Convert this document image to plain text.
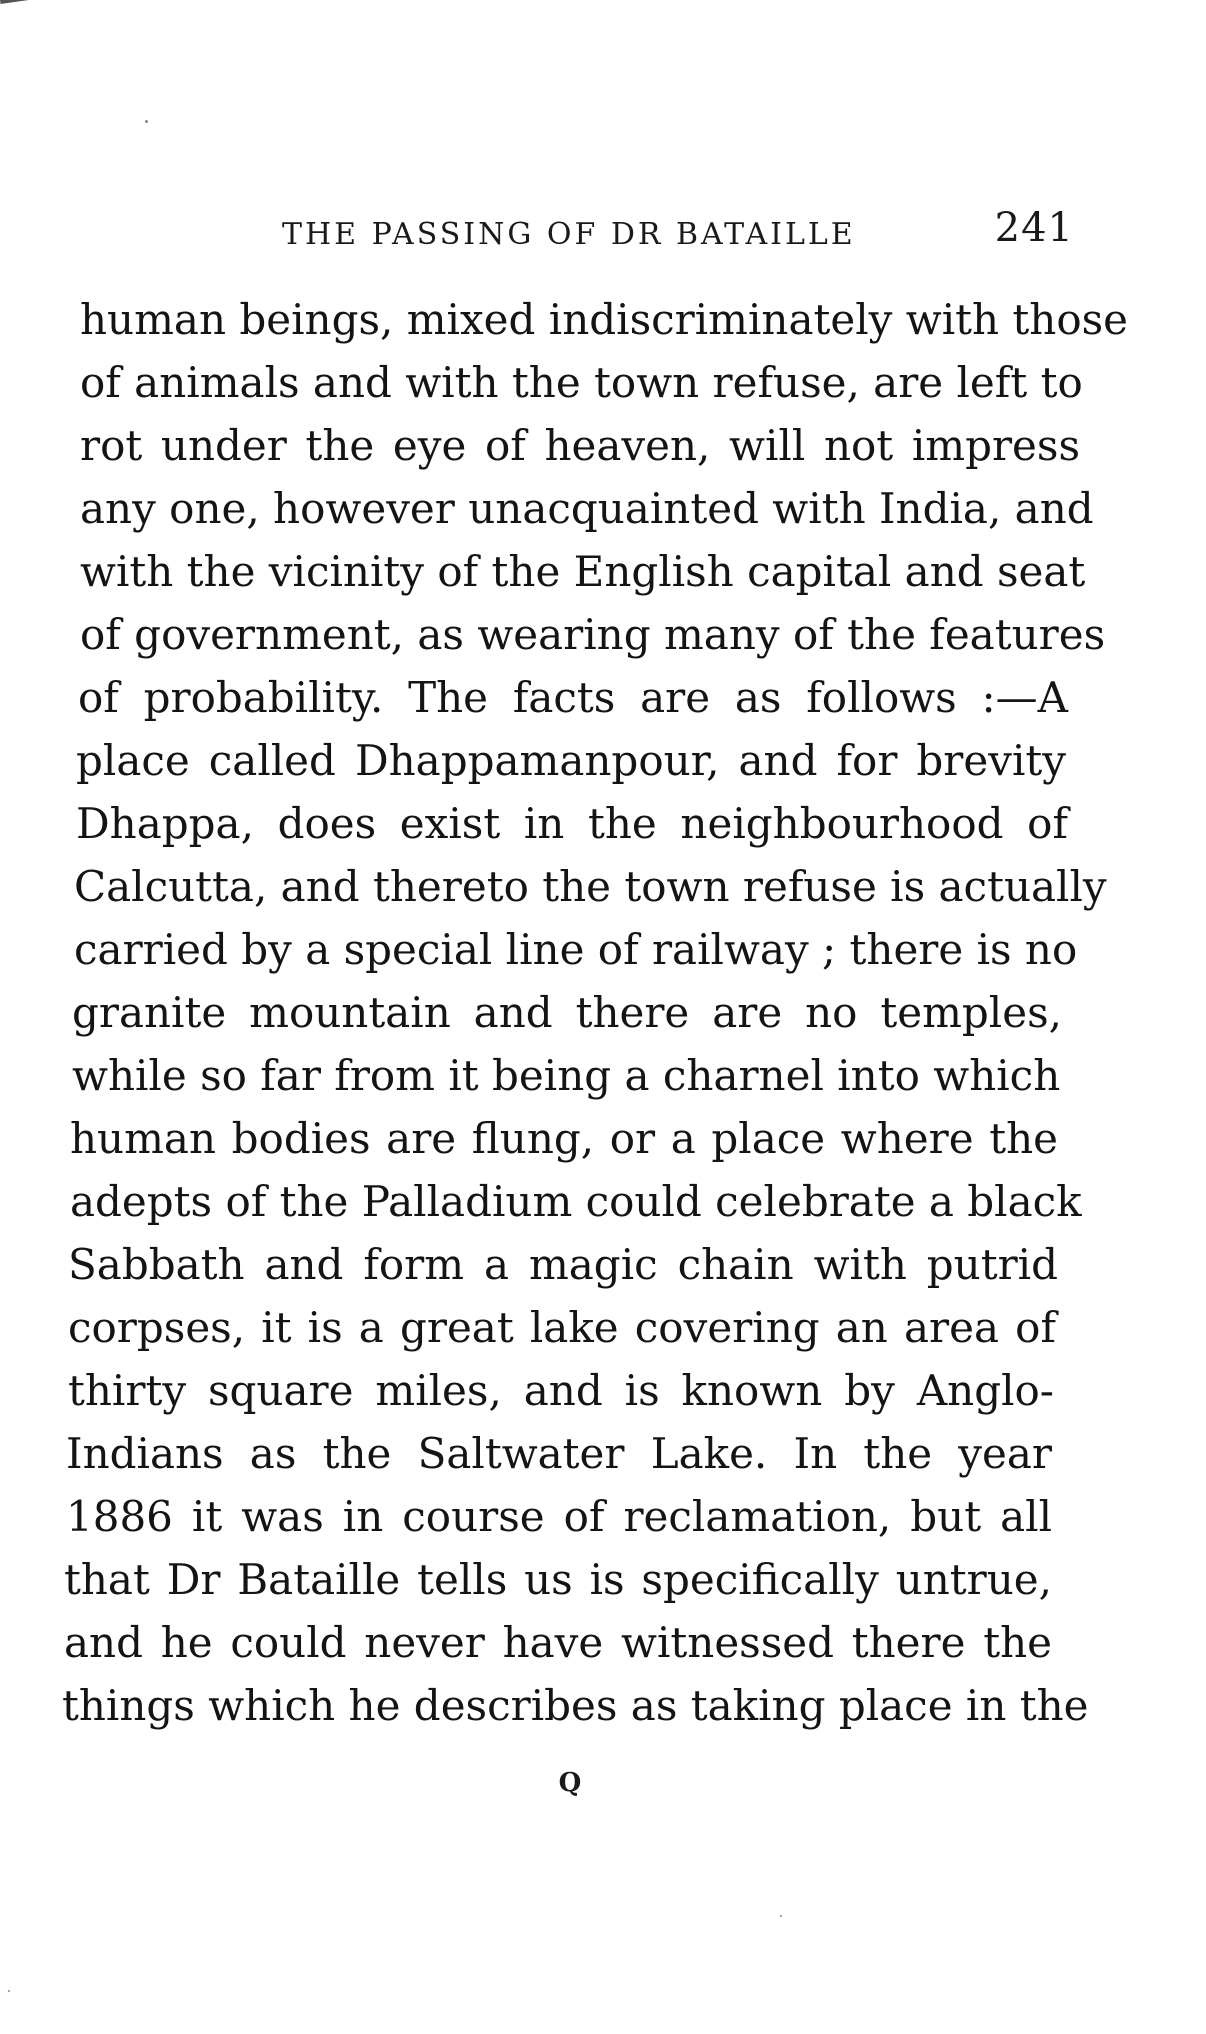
THE PASSING OF DR BATAILLE	241
human beings, mixed indiscriminately with those
of animals and with the town refuse, are left to
rot under the eye of heaven, will not impress
any one, however unacquainted with India, and
with the vicinity of the English capital and seat
of government, as wearing many of the features
of probability. The facts are as follows :—A
place called Dhappamanpour, and for brevity
Dhappa, does exist in the neighbourhood of
Calcutta, and thereto the town refuse is actually
carried by a special line of railway ; there is no
granite mountain and there are no temples,
while so far from it being a charnel into which
human bodies are flung, or a place where the
adepts of the Palladium could celebrate a black
Sabbath and form a magic chain with putrid
corpses, it is a great lake covering an area of
thirty square miles, and is known by Anglo-
Indians as the Saltwater Lake. In the year
1886 it was in course of reclamation, but all
that Dr Bataille tells us is specifically untrue,
and he could never have witnessed there the
things which he describes as taking place in the
Q
